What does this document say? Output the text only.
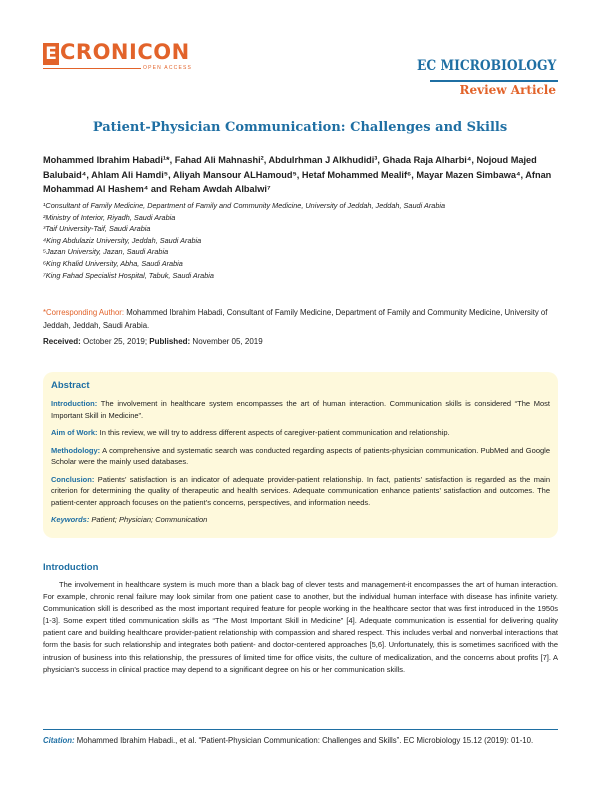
E CRONICON
OPEN ACCESS	EC MICROBIOLOGY
Review Article
Patient-Physician Communication: Challenges and Skills
Mohammed Ibrahim Habadi¹*, Fahad Ali Mahnashi², Abdulrhman J Alkhudidi³, Ghada Raja Alharbi⁴, Nojoud Majed Balubaid⁴, Ahlam Ali Hamdi⁵, Aliyah Mansour ALHamoud⁵, Hetaf Mohammed Mealif⁶, Mayar Mazen Simbawa⁴, Afnan Mohammad Al Hashem⁴ and Reham Awdah Albalwi⁷
¹Consultant of Family Medicine, Department of Family and Community Medicine, University of Jeddah, Jeddah, Saudi Arabia
²Ministry of Interior, Riyadh, Saudi Arabia
³Taif University-Taif, Saudi Arabia
⁴King Abdulaziz University, Jeddah, Saudi Arabia
⁵Jazan University, Jazan, Saudi Arabia
⁶King Khalid University, Abha, Saudi Arabia
⁷King Fahad Specialist Hospital, Tabuk, Saudi Arabia
*Corresponding Author: Mohammed Ibrahim Habadi, Consultant of Family Medicine, Department of Family and Community Medicine, University of Jeddah, Jeddah, Saudi Arabia.
Received: October 25, 2019; Published: November 05, 2019
Abstract

Introduction: The involvement in healthcare system encompasses the art of human interaction. Communication skills is considered “The Most Important Skill in Medicine”.

Aim of Work: In this review, we will try to address different aspects of caregiver-patient communication and relationship.

Methodology: A comprehensive and systematic search was conducted regarding aspects of patients-physician communication. PubMed and Google Scholar were the mainly used databases.

Conclusion: Patients’ satisfaction is an indicator of adequate provider-patient relationship. In fact, patients’ satisfaction is regarded as the main criterion for determining the quality of therapeutic and health services. Adequate communication enhance patients’ satisfaction and outcomes. The patient-center approach focuses on the patient’s concerns, perspectives, and information needs.

Keywords: Patient; Physician; Communication

Introduction

The involvement in healthcare system is much more than a black bag of clever tests and management-it encompasses the art of human interaction. For example, chronic renal failure may look similar from one patient case to another, but the individual human interface with disease has infinite variety. Communication skill is described as the most important required feature for people working in the healthcare sector that was first introduced in the 1950s [1-3]. Some expert titled communication skills as “The Most Important Skill in Medicine” [4]. Adequate communication is essential for delivering quality patient care and building healthcare provider-patient relationship with compassion and shared respect. This includes verbal and nonverbal interactions that form the basis for such relationship and integrates both patient- and doctor-centered approaches [5,6]. Unfortunately, this is sometimes sacrificed with the intrusion of business into this relationship, the pressures of limited time for office visits, the culture of medicalization, and the concerns about profits [7]. A physician’s success in clinical practice may depend to a significant degree on his or her communication skills.

Citation: Mohammed Ibrahim Habadi., et al. “Patient-Physician Communication: Challenges and Skills”. EC Microbiology 15.12 (2019): 01-10.
